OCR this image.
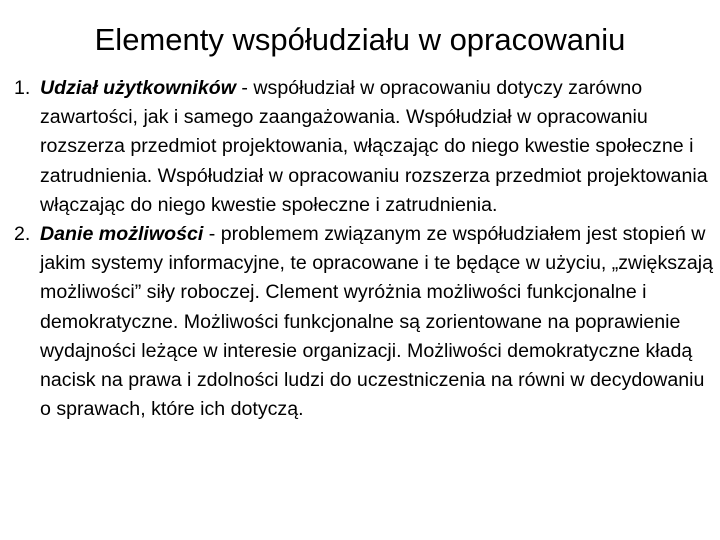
Elementy współudziału w opracowaniu
1. Udział użytkowników - współudział w opracowaniu dotyczy zarówno zawartości, jak i samego zaangażowania. Współudział w opracowaniu rozszerza przedmiot projektowania, włączając do niego kwestie społeczne i zatrudnienia. Współudział w opracowaniu rozszerza przedmiot projektowania włączając do niego kwestie społeczne i zatrudnienia.
2. Danie możliwości - problemem związanym ze współudziałem jest stopień w jakim systemy informacyjne, te opracowane i te będące w użyciu, „zwiększają możliwości” siły roboczej. Clement wyróżnia możliwości funkcjonalne i demokratyczne. Możliwości funkcjonalne są zorientowane na poprawienie wydajności leżące w interesie organizacji. Możliwości demokratyczne kładą nacisk na prawa i zdolności ludzi do uczestniczenia na równi w decydowaniu o sprawach, które ich dotyczą.
